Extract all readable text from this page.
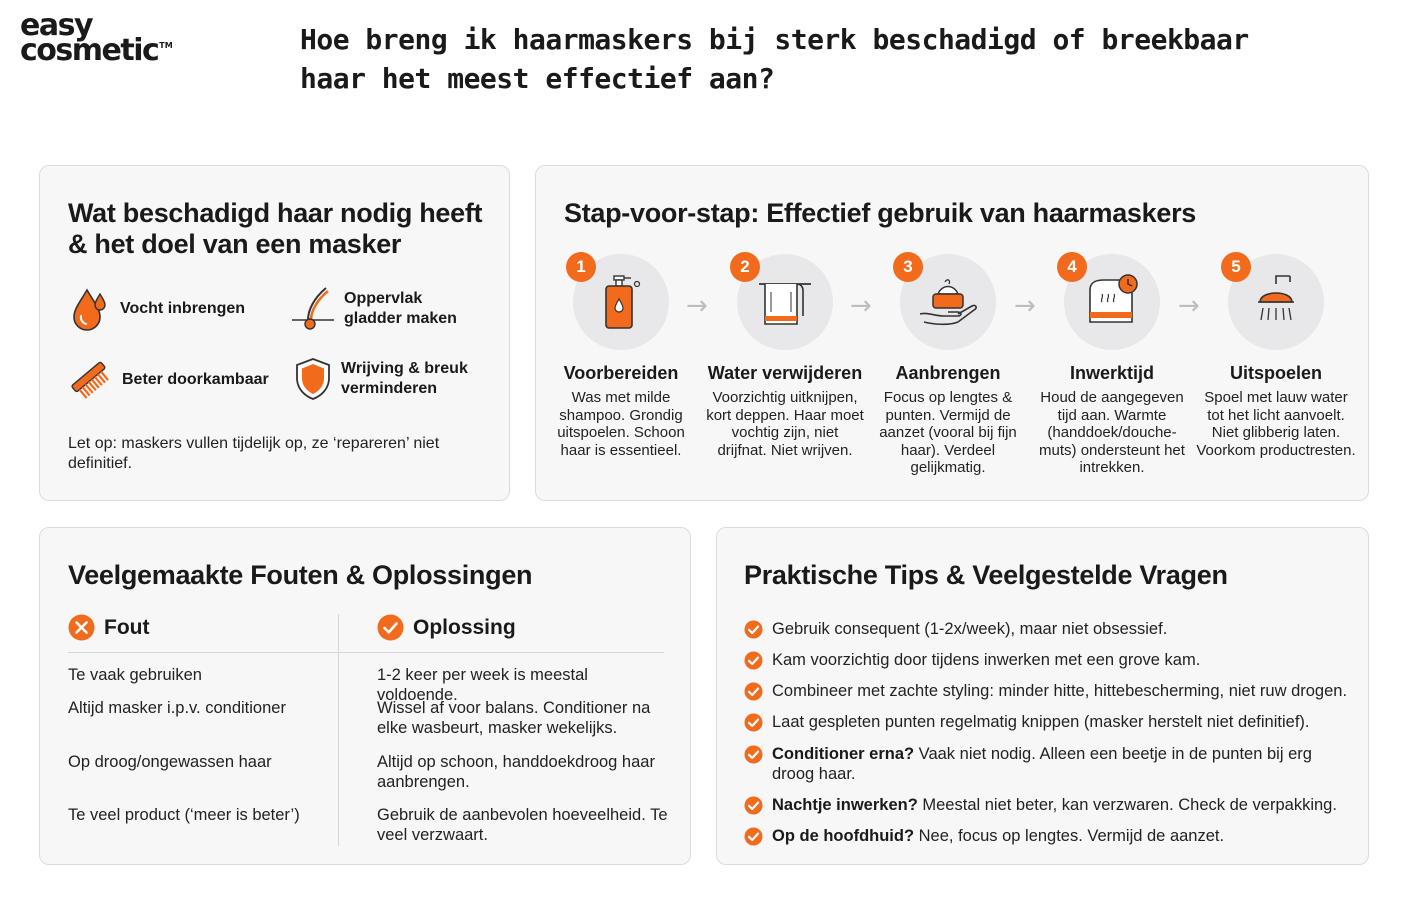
easy
cosmetic™	Hoe breng ik haarmaskers bij sterk beschadigd of breekbaar haar het meest effectief aan?
Wat beschadigd haar nodig heeft & het doel van een masker
Vocht inbrengen
Oppervlak gladder maken
Beter doorkambaar
Wrijving & breuk verminderen
Let op: maskers vullen tijdelijk op, ze ‘repareren’ niet definitief.
Stap-voor-stap: Effectief gebruik van haarmaskers
1
Voorbereiden
Was met milde shampoo. Grondig uitspoelen. Schoon haar is essentieel.
→
2
Water verwijderen
Voorzichtig uitknijpen, kort deppen. Haar moet vochtig zijn, niet drijfnat. Niet wrijven.
→
3
Aanbrengen
Focus op lengtes & punten. Vermijd de aanzet (vooral bij fijn haar). Verdeel gelijkmatig.
→
4
Inwerktijd
Houd de aangegeven tijd aan. Warmte (handdoek/douche-muts) ondersteunt het intrekken.
→
5
Uitspoelen
Spoel met lauw water tot het licht aanvoelt. Niet glibberig laten. Voorkom productresten.
Veelgemaakte Fouten & Oplossingen
Fout	Oplossing
Te vaak gebruiken	1-2 keer per week is meestal voldoende.
Altijd masker i.p.v. conditioner	Wissel af voor balans. Conditioner na elke wasbeurt, masker wekelijks.
Op droog/ongewassen haar	Altijd op schoon, handdoekdroog haar aanbrengen.
Te veel product (‘meer is beter’)	Gebruik de aanbevolen hoeveelheid. Te veel verzwaart.
Praktische Tips & Veelgestelde Vragen
Gebruik consequent (1-2x/week), maar niet obsessief.
Kam voorzichtig door tijdens inwerken met een grove kam.
Combineer met zachte styling: minder hitte, hittebescherming, niet ruw drogen.
Laat gespleten punten regelmatig knippen (masker herstelt niet definitief).
Conditioner erna? Vaak niet nodig. Alleen een beetje in de punten bij erg droog haar.
Nachtje inwerken? Meestal niet beter, kan verzwaren. Check de verpakking.
Op de hoofdhuid? Nee, focus op lengtes. Vermijd de aanzet.
